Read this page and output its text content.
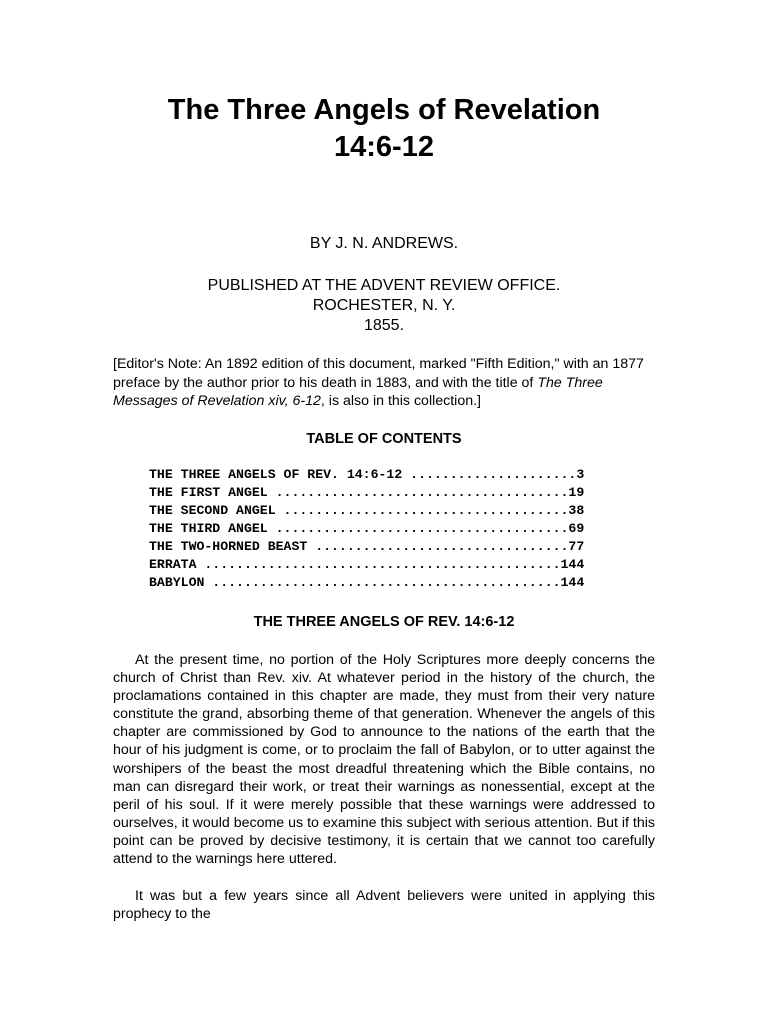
The Three Angels of Revelation
14:6-12

BY J. N. ANDREWS.

PUBLISHED AT THE ADVENT REVIEW OFFICE.
ROCHESTER, N. Y.
1855.

[Editor's Note: An 1892 edition of this document, marked "Fifth Edition," with an 1877 preface by the author prior to his death in 1883, and with the title of The Three Messages of Revelation xiv, 6-12, is also in this collection.]

TABLE OF CONTENTS
THE THREE ANGELS OF REV. 14:6-12 .....................3
THE FIRST ANGEL .....................................19
THE SECOND ANGEL ....................................38
THE THIRD ANGEL .....................................69
THE TWO-HORNED BEAST ................................77
ERRATA .............................................144
BABYLON ............................................144
THE THREE ANGELS OF REV. 14:6-12

At the present time, no portion of the Holy Scriptures more deeply concerns the church of Christ than Rev. xiv. At whatever period in the history of the church, the proclamations contained in this chapter are made, they must from their very nature constitute the grand, absorbing theme of that generation. Whenever the angels of this chapter are commissioned by God to announce to the nations of the earth that the hour of his judgment is come, or to proclaim the fall of Babylon, or to utter against the worshipers of the beast the most dreadful threatening which the Bible contains, no man can disregard their work, or treat their warnings as nonessential, except at the peril of his soul. If it were merely possible that these warnings were addressed to ourselves, it would become us to examine this subject with serious attention. But if this point can be proved by decisive testimony, it is certain that we cannot too carefully attend to the warnings here uttered.

It was but a few years since all Advent believers were united in applying this prophecy to the
